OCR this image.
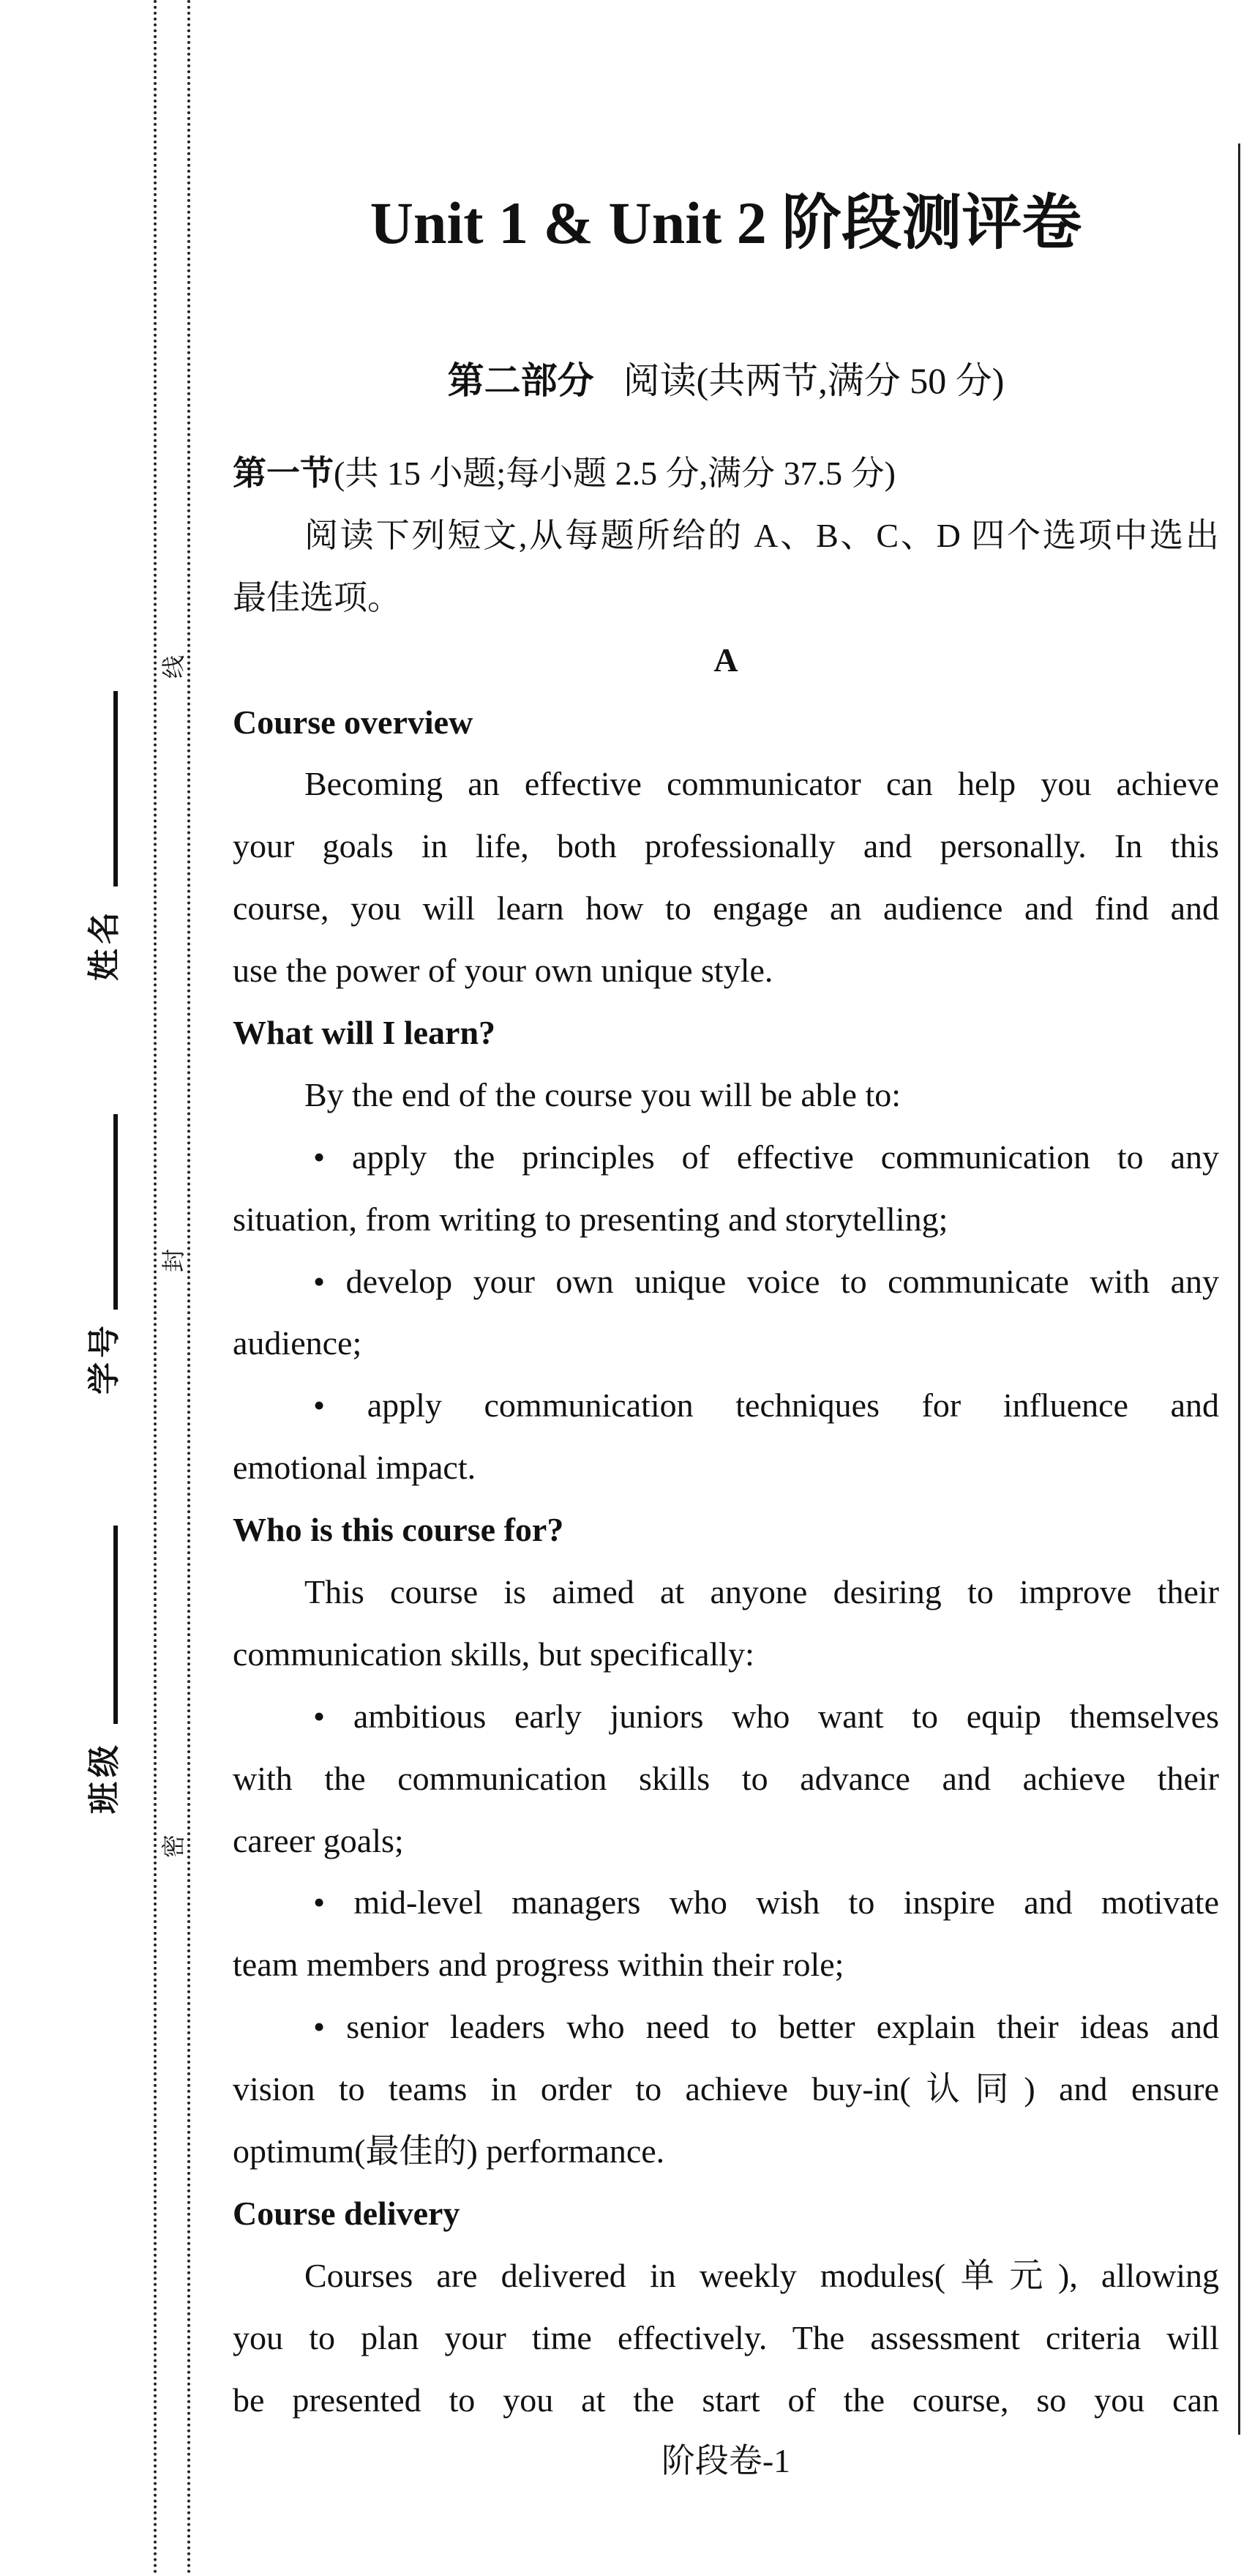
线
封
密
姓名
学号
班级
Unit 1 & Unit 2 阶段测评卷
第二部分 阅读(共两节,满分 50 分)
第一节(共 15 小题;每小题 2.5 分,满分 37.5 分)
阅读下列短文,从每题所给的 A、B、C、D 四个选项中选出
最佳选项。
A
Course overview
Becoming an effective communicator can help you achieve
your goals in life, both professionally and personally. In this
course, you will learn how to engage an audience and find and
use the power of your own unique style.
What will I learn?
By the end of the course you will be able to:
• apply the principles of effective communication to any
situation, from writing to presenting and storytelling;
• develop your own unique voice to communicate with any
audience;
• apply communication techniques for influence and
emotional impact.
Who is this course for?
This course is aimed at anyone desiring to improve their
communication skills, but specifically:
• ambitious early juniors who want to equip themselves
with the communication skills to advance and achieve their
career goals;
• mid-level managers who wish to inspire and motivate
team members and progress within their role;
• senior leaders who need to better explain their ideas and
vision to teams in order to achieve buy-in(认同) and ensure
optimum(最佳的) performance.
Course delivery
Courses are delivered in weekly modules(单元), allowing
you to plan your time effectively. The assessment criteria will
be presented to you at the start of the course, so you can
阶段卷-1
